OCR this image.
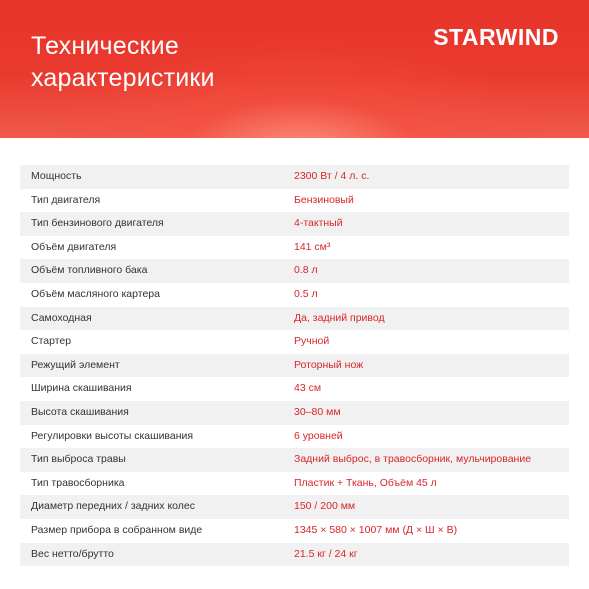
Технические
характеристики
STARWIND
Мощность	2300 Вт / 4 л. с.
Тип двигателя	Бензиновый
Тип бензинового двигателя	4-тактный
Объём двигателя	141 см³
Объём топливного бака	0.8 л
Объём масляного картера	0.5 л
Самоходная	Да, задний привод
Стартер	Ручной
Режущий элемент	Роторный нож
Ширина скашивания	43 см
Высота скашивания	30–80 мм
Регулировки высоты скашивания	6 уровней
Тип выброса травы	Задний выброс, в травосборник, мульчирование
Тип травосборника	Пластик + Ткань, Объём 45 л
Диаметр передних / задних колес	150 / 200 мм
Размер прибора в собранном виде	1345 × 580 × 1007 мм (Д × Ш × В)
Вес нетто/брутто	21.5 кг / 24 кг
